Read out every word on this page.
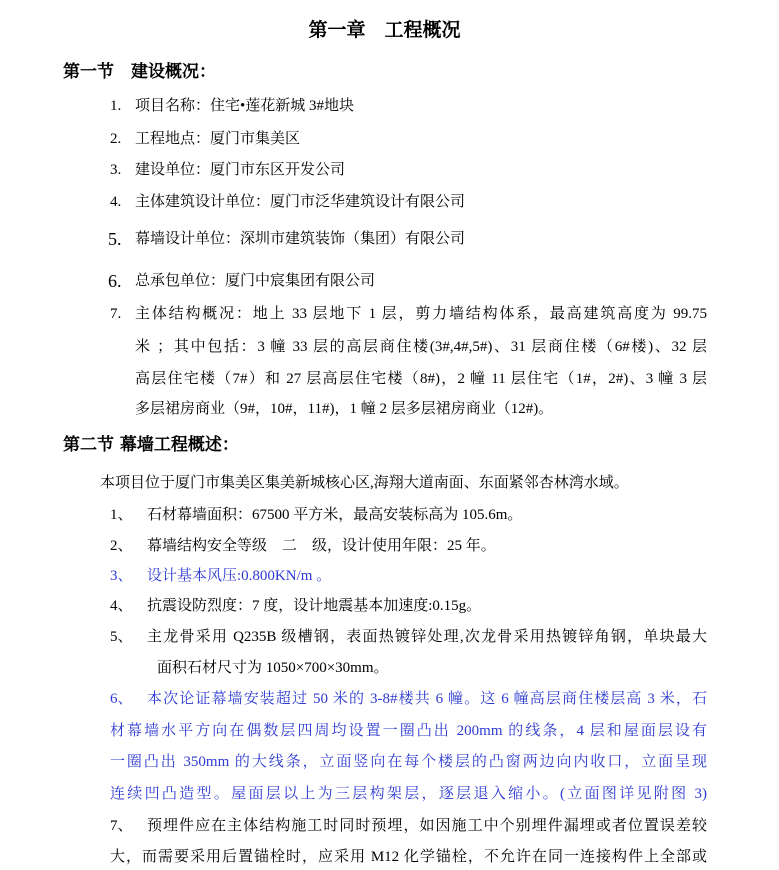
第一章　工程概况
第一节　建设概况：
1. 项目名称：住宅•莲花新城 3#地块
2. 工程地点：厦门市集美区
3. 建设单位：厦门市东区开发公司
4. 主体建筑设计单位：厦门市泛华建筑设计有限公司
5. 幕墙设计单位：深圳市建筑装饰（集团）有限公司
6. 总承包单位：厦门中宸集团有限公司
7. 主体结构概况：地上 33 层地下 1 层，剪力墙结构体系，最高建筑高度为 99.75
米 ；其中包括：3 幢 33 层的高层商住楼(3#,4#,5#)、31 层商住楼（6#楼)、32 层
高层住宅楼（7#）和 27 层高层住宅楼（8#)，2 幢 11 层住宅（1#，2#)、3 幢 3 层
多层裙房商业（9#，10#，11#)，1 幢 2 层多层裙房商业（12#)。
第二节 幕墙工程概述：
本项目位于厦门市集美区集美新城核心区,海翔大道南面、东面紧邻杏林湾水域。
1、 石材幕墙面积：67500 平方米，最高安装标高为 105.6m。
2、 幕墙结构安全等级　二　级，设计使用年限：25 年。
3、 设计基本风压:0.800KN/m 。
4、 抗震设防烈度：7 度，设计地震基本加速度:0.15g。
5、 主龙骨采用 Q235B 级槽钢，表面热镀锌处理,次龙骨采用热镀锌角钢，单块最大
面积石材尺寸为 1050×700×30mm。
6、 本次论证幕墙安装超过 50 米的 3-8#楼共 6 幢。这 6 幢高层商住楼层高 3 米，石
材幕墙水平方向在偶数层四周均设置一圈凸出 200mm 的线条，4 层和屋面层设有
一圈凸出 350mm 的大线条，立面竖向在每个楼层的凸窗两边向内收口，立面呈现
连续凹凸造型。屋面层以上为三层构架层，逐层退入缩小。(立面图详见附图 3)
7、 预埋件应在主体结构施工时同时预埋，如因施工中个别埋件漏埋或者位置误差较
大，而需要采用后置锚栓时，应采用 M12 化学锚栓，不允许在同一连接构件上全部或
